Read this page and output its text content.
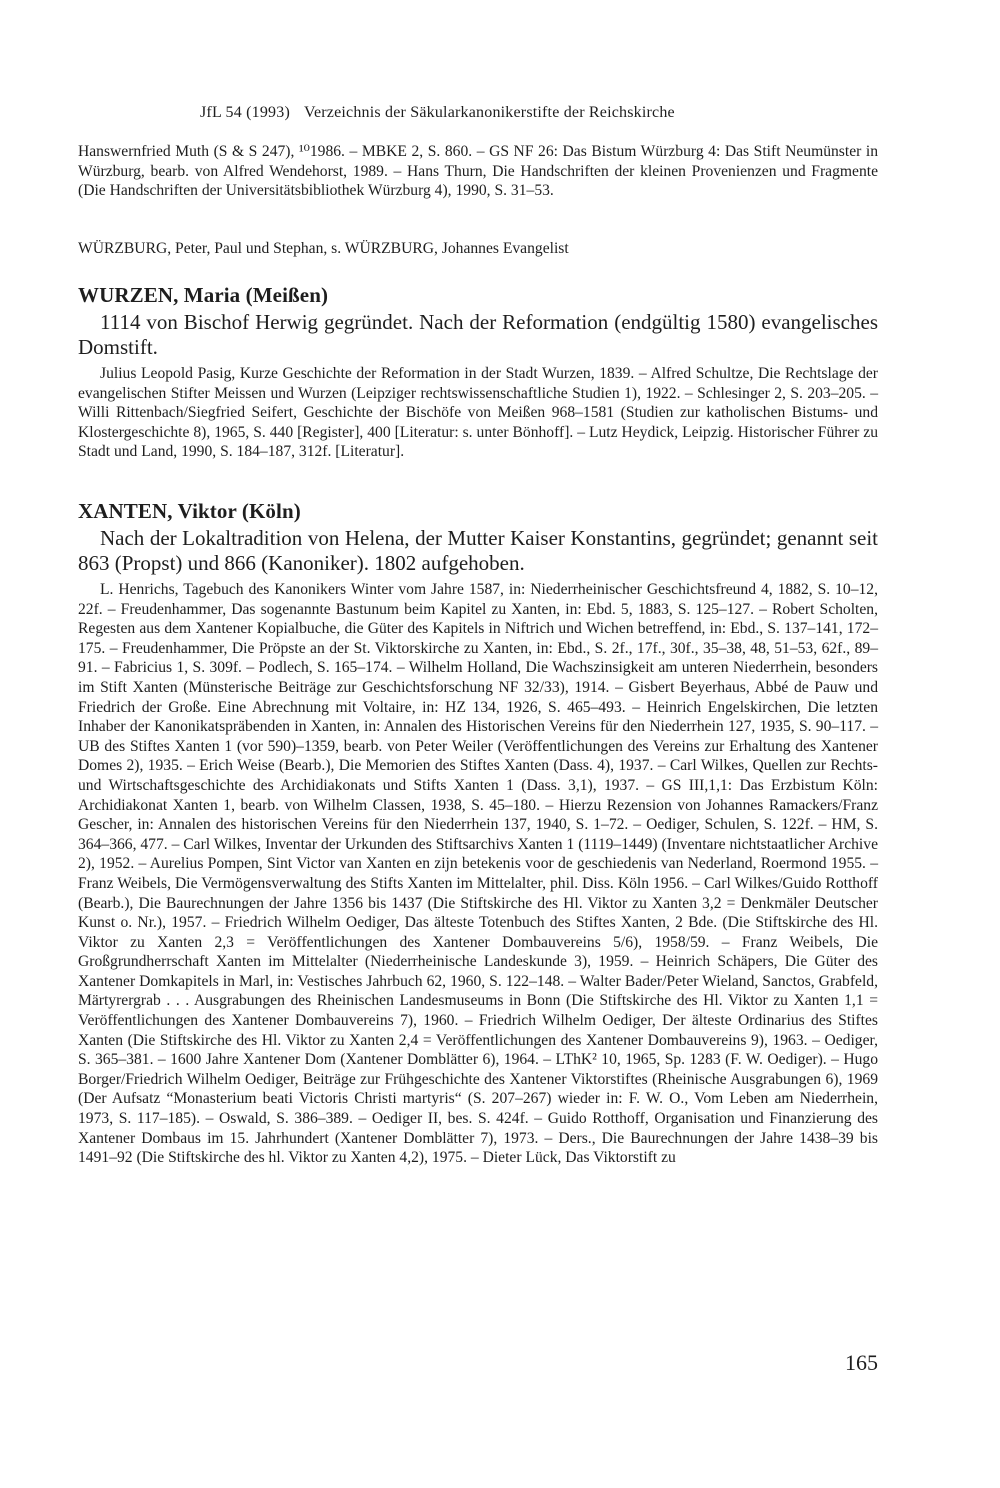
JfL 54 (1993) Verzeichnis der Säkularkanonikerstifte der Reichskirche

Hanswernfried Muth (S & S 247), ¹⁰1986. – MBKE 2, S. 860. – GS NF 26: Das Bistum Würzburg 4: Das Stift Neumünster in Würzburg, bearb. von Alfred Wendehorst, 1989. – Hans Thurn, Die Handschriften der kleinen Provenienzen und Fragmente (Die Handschriften der Universitätsbibliothek Würzburg 4), 1990, S. 31–53.

WÜRZBURG, Peter, Paul und Stephan, s. WÜRZBURG, Johannes Evangelist
WURZEN, Maria (Meißen)

1114 von Bischof Herwig gegründet. Nach der Reformation (endgültig 1580) evangelisches Domstift.

Julius Leopold Pasig, Kurze Geschichte der Reformation in der Stadt Wurzen, 1839. – Alfred Schultze, Die Rechtslage der evangelischen Stifter Meissen und Wurzen (Leipziger rechtswissenschaftliche Studien 1), 1922. – Schlesinger 2, S. 203–205. – Willi Rittenbach/Siegfried Seifert, Geschichte der Bischöfe von Meißen 968–1581 (Studien zur katholischen Bistums- und Klostergeschichte 8), 1965, S. 440 [Register], 400 [Literatur: s. unter Bönhoff]. – Lutz Heydick, Leipzig. Historischer Führer zu Stadt und Land, 1990, S. 184–187, 312f. [Literatur].

XANTEN, Viktor (Köln)

Nach der Lokaltradition von Helena, der Mutter Kaiser Konstantins, gegründet; genannt seit 863 (Propst) und 866 (Kanoniker). 1802 aufgehoben.

L. Henrichs, Tagebuch des Kanonikers Winter vom Jahre 1587, in: Niederrheinischer Geschichtsfreund 4, 1882, S. 10–12, 22f. – Freudenhammer, Das sogenannte Bastunum beim Kapitel zu Xanten, in: Ebd. 5, 1883, S. 125–127. – Robert Scholten, Regesten aus dem Xantener Kopialbuche, die Güter des Kapitels in Niftrich und Wichen betreffend, in: Ebd., S. 137–141, 172–175. – Freudenhammer, Die Pröpste an der St. Viktorskirche zu Xanten, in: Ebd., S. 2f., 17f., 30f., 35–38, 48, 51–53, 62f., 89–91. – Fabricius 1, S. 309f. – Podlech, S. 165–174. – Wilhelm Holland, Die Wachszinsigkeit am unteren Niederrhein, besonders im Stift Xanten (Münsterische Beiträge zur Geschichtsforschung NF 32/33), 1914. – Gisbert Beyerhaus, Abbé de Pauw und Friedrich der Große. Eine Abrechnung mit Voltaire, in: HZ 134, 1926, S. 465–493. – Heinrich Engelskirchen, Die letzten Inhaber der Kanonikatspräbenden in Xanten, in: Annalen des Historischen Vereins für den Niederrhein 127, 1935, S. 90–117. – UB des Stiftes Xanten 1 (vor 590)–1359, bearb. von Peter Weiler (Veröffentlichungen des Vereins zur Erhaltung des Xantener Domes 2), 1935. – Erich Weise (Bearb.), Die Memorien des Stiftes Xanten (Dass. 4), 1937. – Carl Wilkes, Quellen zur Rechts- und Wirtschaftsgeschichte des Archidiakonats und Stifts Xanten 1 (Dass. 3,1), 1937. – GS III,1,1: Das Erzbistum Köln: Archidiakonat Xanten 1, bearb. von Wilhelm Classen, 1938, S. 45–180. – Hierzu Rezension von Johannes Ramackers/Franz Gescher, in: Annalen des historischen Vereins für den Niederrhein 137, 1940, S. 1–72. – Oediger, Schulen, S. 122f. – HM, S. 364–366, 477. – Carl Wilkes, Inventar der Urkunden des Stiftsarchivs Xanten 1 (1119–1449) (Inventare nichtstaatlicher Archive 2), 1952. – Aurelius Pompen, Sint Victor van Xanten en zijn betekenis voor de geschiedenis van Nederland, Roermond 1955. – Franz Weibels, Die Vermögensverwaltung des Stifts Xanten im Mittelalter, phil. Diss. Köln 1956. – Carl Wilkes/Guido Rotthoff (Bearb.), Die Baurechnungen der Jahre 1356 bis 1437 (Die Stiftskirche des Hl. Viktor zu Xanten 3,2 = Denkmäler Deutscher Kunst o. Nr.), 1957. – Friedrich Wilhelm Oediger, Das älteste Totenbuch des Stiftes Xanten, 2 Bde. (Die Stiftskirche des Hl. Viktor zu Xanten 2,3 = Veröffentlichungen des Xantener Dombauvereins 5/6), 1958/59. – Franz Weibels, Die Großgrundherrschaft Xanten im Mittelalter (Niederrheinische Landeskunde 3), 1959. – Heinrich Schäpers, Die Güter des Xantener Domkapitels in Marl, in: Vestisches Jahrbuch 62, 1960, S. 122–148. – Walter Bader/Peter Wieland, Sanctos, Grabfeld, Märtyrergrab . . . Ausgrabungen des Rheinischen Landesmuseums in Bonn (Die Stiftskirche des Hl. Viktor zu Xanten 1,1 = Veröffentlichungen des Xantener Dombauvereins 7), 1960. – Friedrich Wilhelm Oediger, Der älteste Ordinarius des Stiftes Xanten (Die Stiftskirche des Hl. Viktor zu Xanten 2,4 = Veröffentlichungen des Xantener Dombauvereins 9), 1963. – Oediger, S. 365–381. – 1600 Jahre Xantener Dom (Xantener Domblätter 6), 1964. – LThK² 10, 1965, Sp. 1283 (F. W. Oediger). – Hugo Borger/Friedrich Wilhelm Oediger, Beiträge zur Frühgeschichte des Xantener Viktorstiftes (Rheinische Ausgrabungen 6), 1969 (Der Aufsatz “Monasterium beati Victoris Christi martyris“ (S. 207–267) wieder in: F. W. O., Vom Leben am Niederrhein, 1973, S. 117–185). – Oswald, S. 386–389. – Oediger II, bes. S. 424f. – Guido Rotthoff, Organisation und Finanzierung des Xantener Dombaus im 15. Jahrhundert (Xantener Domblätter 7), 1973. – Ders., Die Baurechnungen der Jahre 1438–39 bis 1491–92 (Die Stiftskirche des hl. Viktor zu Xanten 4,2), 1975. – Dieter Lück, Das Viktorstift zu

165
